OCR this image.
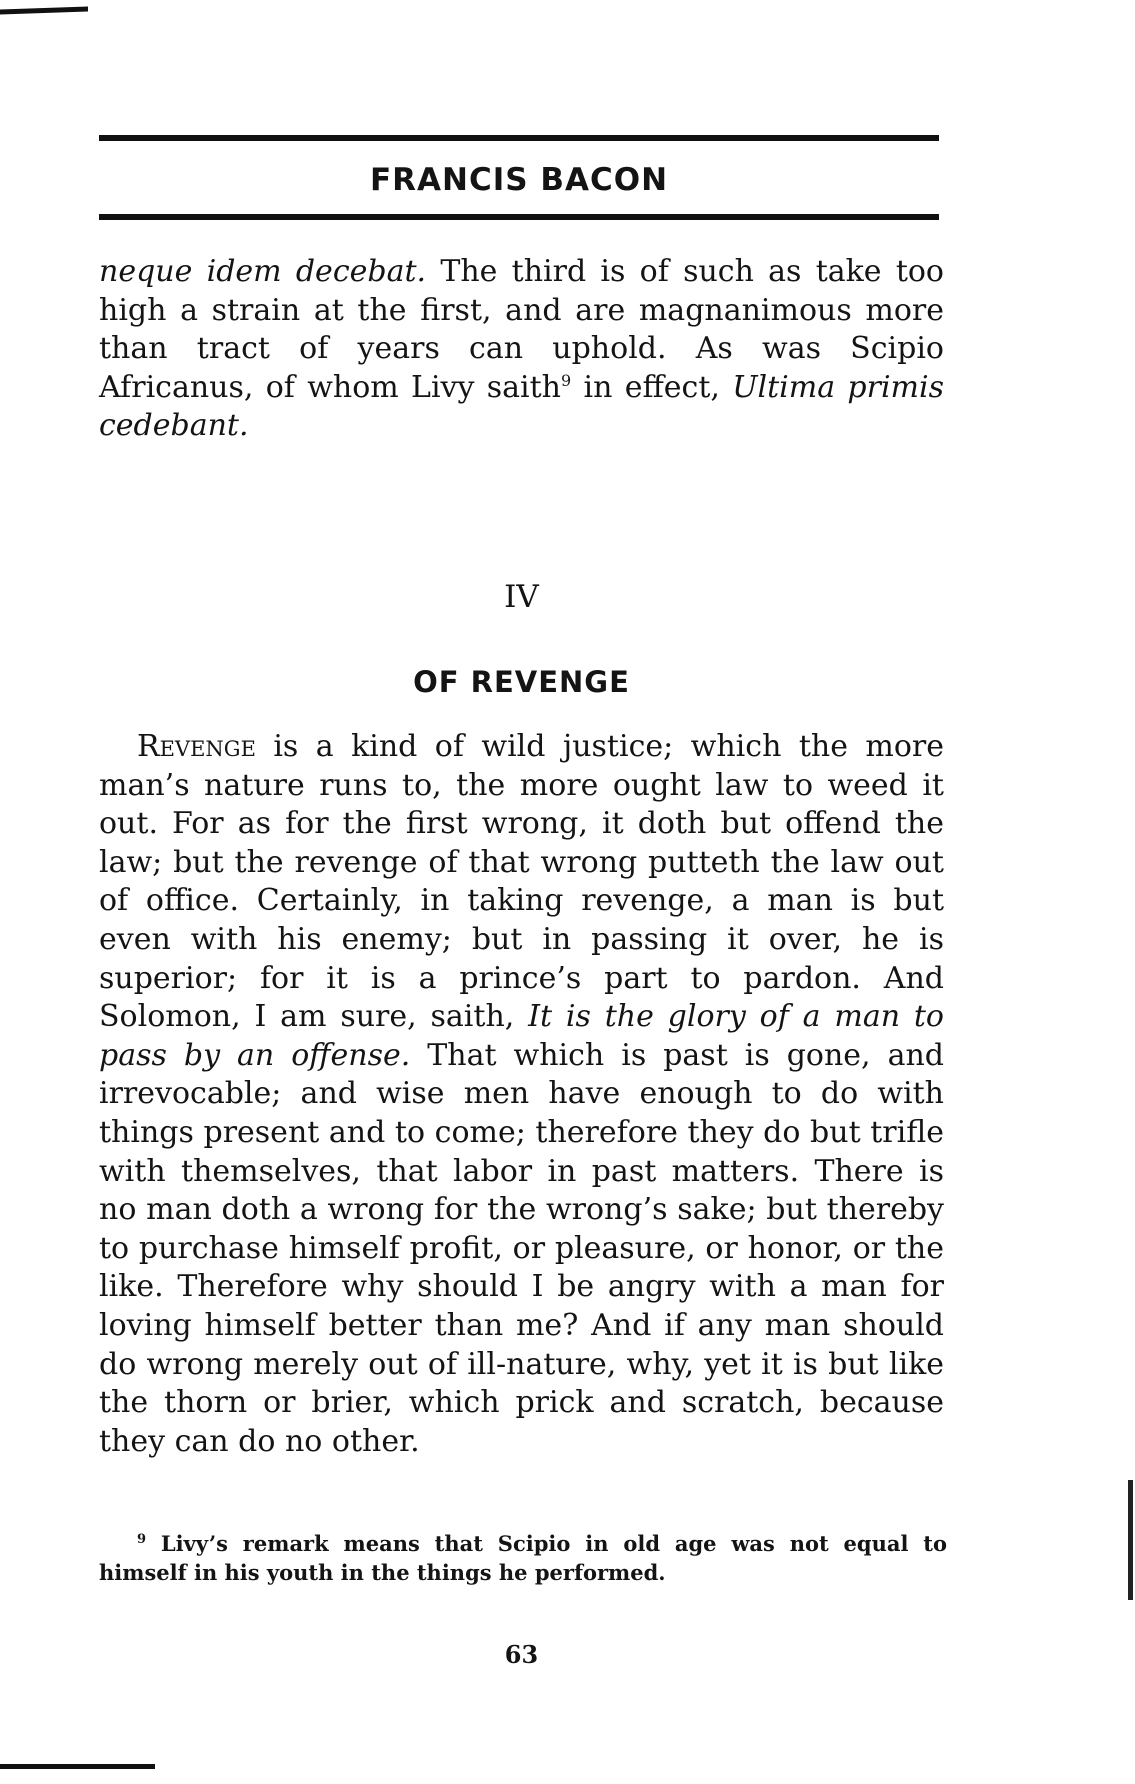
FRANCIS BACON

neque idem decebat. The third is of such as take too high a strain at the first, and are magnanimous more than tract of years can uphold. As was Scipio Africanus, of whom Livy saith$^9$ in effect, Ultima primis cedebant.

IV
OF REVENGE

Revenge is a kind of wild justice; which the more man’s nature runs to, the more ought law to weed it out. For as for the first wrong, it doth but offend the law; but the revenge of that wrong putteth the law out of office. Certainly, in taking revenge, a man is but even with his enemy; but in passing it over, he is superior; for it is a prince’s part to pardon. And Solomon, I am sure, saith, It is the glory of a man to pass by an offense. That which is past is gone, and irrevocable; and wise men have enough to do with things present and to come; therefore they do but trifle with themselves, that labor in past matters. There is no man doth a wrong for the wrong’s sake; but thereby to purchase himself profit, or pleasure, or honor, or the like. Therefore why should I be angry with a man for loving himself better than me? And if any man should do wrong merely out of ill-nature, why, yet it is but like the thorn or brier, which prick and scratch, because they can do no other.

$^9$ Livy’s remark means that Scipio in old age was not equal to himself in his youth in the things he performed.
63
